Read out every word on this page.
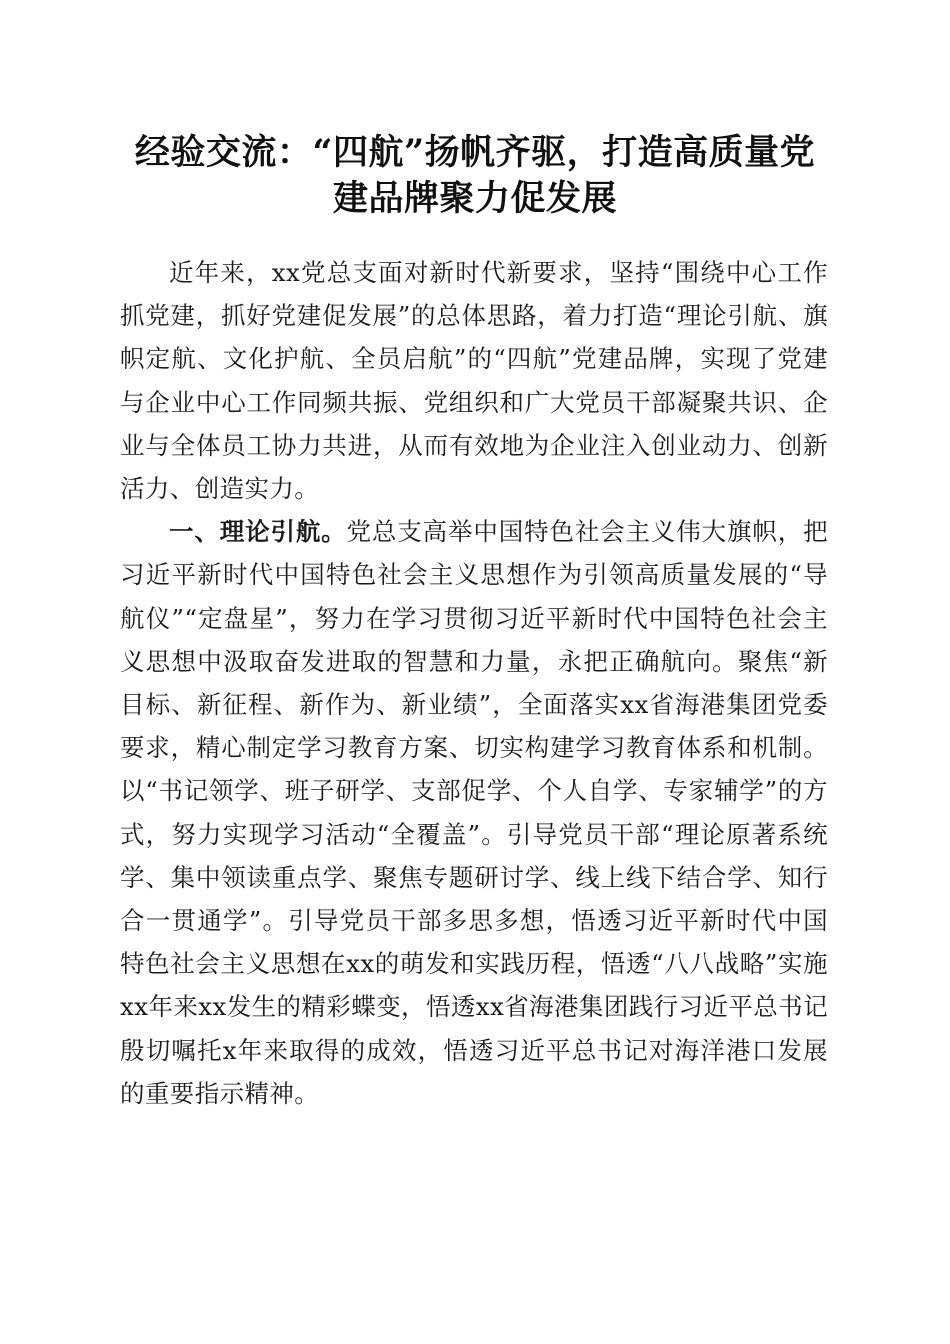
经验交流：“四航”扬帆齐驱，打造高质量党
建品牌聚力促发展

近年来，xx党总支面对新时代新要求，坚持“围绕中心工作抓党建，抓好党建促发展”的总体思路，着力打造“理论引航、旗帜定航、文化护航、全员启航”的“四航”党建品牌，实现了党建与企业中心工作同频共振、党组织和广大党员干部凝聚共识、企业与全体员工协力共进，从而有效地为企业注入创业动力、创新活力、创造实力。

一、理论引航。党总支高举中国特色社会主义伟大旗帜，把习近平新时代中国特色社会主义思想作为引领高质量发展的“导航仪”“定盘星”，努力在学习贯彻习近平新时代中国特色社会主义思想中汲取奋发进取的智慧和力量，永把正确航向。聚焦“新目标、新征程、新作为、新业绩”，全面落实xx省海港集团党委要求，精心制定学习教育方案、切实构建学习教育体系和机制。以“书记领学、班子研学、支部促学、个人自学、专家辅学”的方式，努力实现学习活动“全覆盖”。引导党员干部“理论原著系统学、集中领读重点学、聚焦专题研讨学、线上线下结合学、知行合一贯通学”。引导党员干部多思多想，悟透习近平新时代中国特色社会主义思想在xx的萌发和实践历程，悟透“八八战略”实施xx年来xx发生的精彩蝶变，悟透xx省海港集团践行习近平总书记殷切嘱托x年来取得的成效，悟透习近平总书记对海洋港口发展的重要指示精神。
